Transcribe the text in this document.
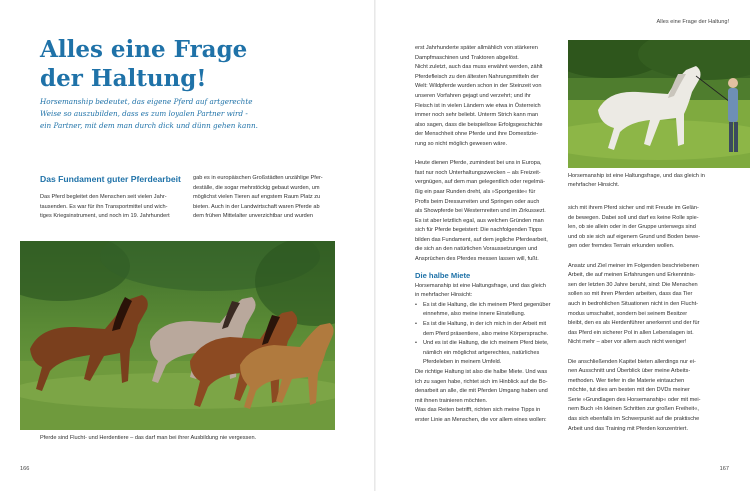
Alles eine Frage
der Haltung!
Horsemanship bedeutet, das eigene Pferd auf artgerechte
Weise so auszubilden, dass es zum loyalen Partner wird -
ein Partner, mit dem man durch dick und dünn gehen kann.
Das Fundament guter Pferdearbeit
Das Pferd begleitet den Menschen seit vielen Jahr-
tausenden. Es war für ihn Transportmittel und wich-
tiges Kriegsinstrument, und noch im 19. Jahrhundert
gab es in europäischen Großstädten unzählige Pfer-
deställe, die sogar mehrstöckig gebaut wurden, um
möglichst vielen Tieren auf engstem Raum Platz zu
bieten. Auch in der Landwirtschaft waren Pferde ab
dem frühen Mittelalter unverzichtbar und wurden
Pferde sind Flucht- und Herdentiere – das darf man bei ihrer Ausbildung nie vergessen.
166
Alles eine Frage der Haltung!
erst Jahrhunderte später allmählich von stärkeren
Dampfmaschinen und Traktoren abgelöst.
Nicht zuletzt, auch das muss erwähnt werden, zählt
Pferdefleisch zu den ältesten Nahrungsmitteln der
Welt: Wildpferde wurden schon in der Steinzeit von
unseren Vorfahren gejagt und verzehrt; und ihr
Fleisch ist in vielen Ländern wie etwa in Österreich
immer noch sehr beliebt. Unterm Strich kann man
also sagen, dass die beispiellose Erfolgsgeschichte
der Menschheit ohne Pferde und ihre Domestizie-
rung so nicht möglich gewesen wäre.
Heute dienen Pferde, zumindest bei uns in Europa,
fast nur noch Unterhaltungszwecken – als Freizeit-
vergnügen, auf dem man gelegentlich oder regelmä-
ßig ein paar Runden dreht, als »Sportgeräte« für
Profis beim Dressurreiten und Springen oder auch
als Showpferde bei Westernreiten und im Zirkussezt.
Es ist aber letztlich egal, aus welchen Gründen man
sich für Pferde begeistert: Die nachfolgenden Tipps
bilden das Fundament, auf dem jegliche Pferdearbeit,
die sich an den natürlichen Voraussetzungen und
Ansprüchen des Pferdes messen lassen will, fußt.
Die halbe Miete
Horsemanship ist eine Haltungsfrage, und das gleich
in mehrfacher Hinsicht:
• Es ist die Haltung, die ich meinem Pferd gegenüber
einnehme, also meine innere Einstellung.
• Es ist die Haltung, in der ich mich in der Arbeit mit
dem Pferd präsentiere, also meine Körpersprache.
• Und es ist die Haltung, die ich meinem Pferd biete,
nämlich ein möglichst artgerechtes, natürliches
Pferdeleben in meinem Umfeld.
Die richtige Haltung ist also die halbe Miete. Und was
ich zu sagen habe, richtet sich im Hinblick auf die Bo-
denarbeit an alle, die mit Pferden Umgang haben und
mit ihnen trainieren möchten.
Was das Reiten betrifft, richten sich meine Tipps in
erster Linie an Menschen, die vor allem eines wollen:
Horsemanship ist eine Haltungsfrage, und das gleich in
mehrfacher Hinsicht.
sich mit ihrem Pferd sicher und mit Freude im Gelän-
de bewegen. Dabei soll und darf es keine Rolle spie-
len, ob sie allein oder in der Gruppe unterwegs sind
und ob sie sich auf eigenem Grund und Boden bewe-
gen oder fremdes Terrain erkunden wollen.
Ansatz und Ziel meiner im Folgenden beschriebenen
Arbeit, die auf meinen Erfahrungen und Erkenntnis-
sen der letzten 30 Jahre beruht, sind: Die Menschen
sollen so mit ihren Pferden arbeiten, dass das Tier
auch in bedrohlichen Situationen nicht in den Flucht-
modus umschaltet, sondern bei seinem Besitzer
bleibt, den es als Herdenführer anerkennt und der für
das Pferd ein sicherer Pol in allen Lebenslagen ist.
Nicht mehr – aber vor allem auch nicht weniger!
Die anschließenden Kapitel bieten allerdings nur ei-
nen Ausschnitt und Überblick über meine Arbeits-
methoden. Wer tiefer in die Materie eintauchen
möchte, tut dies am besten mit den DVDs meiner
Serie »Grundlagen des Horsemanship« oder mit mei-
nem Buch »In kleinen Schritten zur großen Freiheit«,
das sich ebenfalls im Schwerpunkt auf die praktische
Arbeit und das Training mit Pferden konzentriert.
167
